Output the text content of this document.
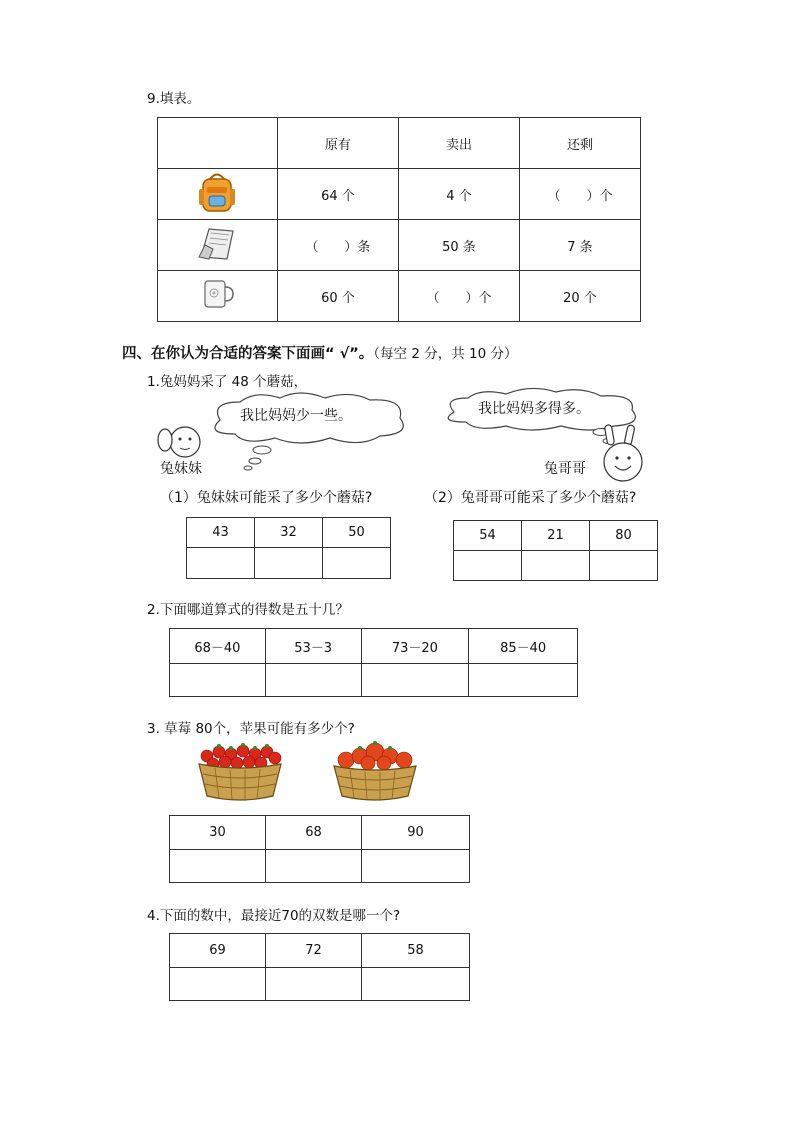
9.填表。
	原有	卖出	还剩
	64 个	4 个	（　　）个
	（　　）条	50 条	7 条
	60 个	（　　）个	20 个
四、在你认为合适的答案下面画“ √”。（每空 2 分，共 10 分）
1.兔妈妈采了 48 个蘑菇，
我比妈妈少一些。	我比妈妈多得多。
兔妹妹	兔哥哥
（1）兔妹妹可能采了多少个蘑菇?	（2）兔哥哥可能采了多少个蘑菇?
43	32	50
			54	21	80

2.下面哪道算式的得数是五十几？
68－40	53－3	73－20	85－40

3. 草莓 80个，苹果可能有多少个?
30	68	90

4.下面的数中，最接近70的双数是哪一个?
69	72	58
